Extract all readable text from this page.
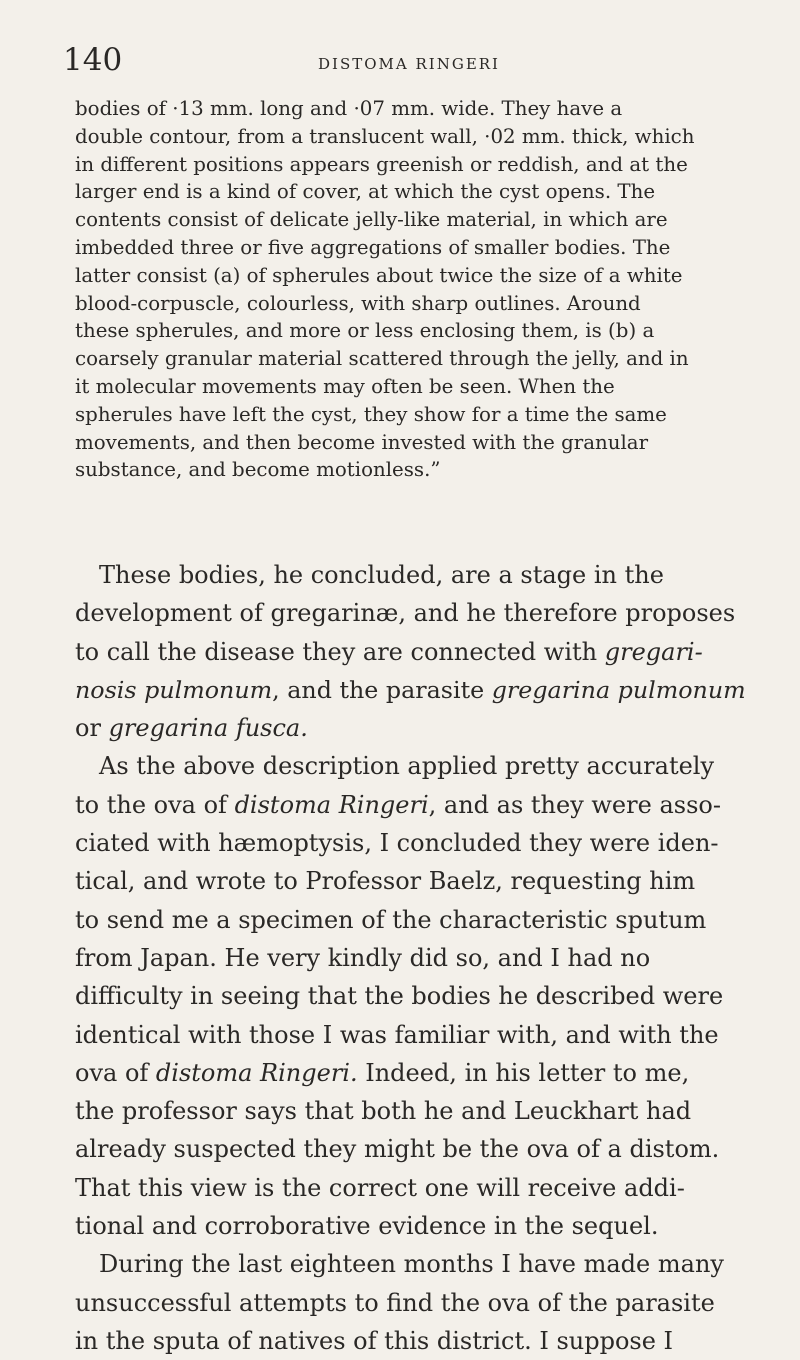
140	DISTOMA RINGERI
bodies of ·13 mm. long and ·07 mm. wide. They have a
double contour, from a translucent wall, ·02 mm. thick, which
in different positions appears greenish or reddish, and at the
larger end is a kind of cover, at which the cyst opens. The
contents consist of delicate jelly-like material, in which are
imbedded three or five aggregations of smaller bodies. The
latter consist (a) of spherules about twice the size of a white
blood-corpuscle, colourless, with sharp outlines. Around
these spherules, and more or less enclosing them, is (b) a
coarsely granular material scattered through the jelly, and in
it molecular movements may often be seen. When the
spherules have left the cyst, they show for a time the same
movements, and then become invested with the granular
substance, and become motionless.”
These bodies, he concluded, are a stage in the
development of gregarinæ, and he therefore proposes
to call the disease they are connected with gregari-
nosis pulmonum, and the parasite gregarina pulmonum
or gregarina fusca.
As the above description applied pretty accurately
to the ova of distoma Ringeri, and as they were asso-
ciated with hæmoptysis, I concluded they were iden-
tical, and wrote to Professor Baelz, requesting him
to send me a specimen of the characteristic sputum
from Japan. He very kindly did so, and I had no
difficulty in seeing that the bodies he described were
identical with those I was familiar with, and with the
ova of distoma Ringeri. Indeed, in his letter to me,
the professor says that both he and Leuckhart had
already suspected they might be the ova of a distom.
That this view is the correct one will receive addi-
tional and corroborative evidence in the sequel.
During the last eighteen months I have made many
unsuccessful attempts to find the ova of the parasite
in the sputa of natives of this district. I suppose I
